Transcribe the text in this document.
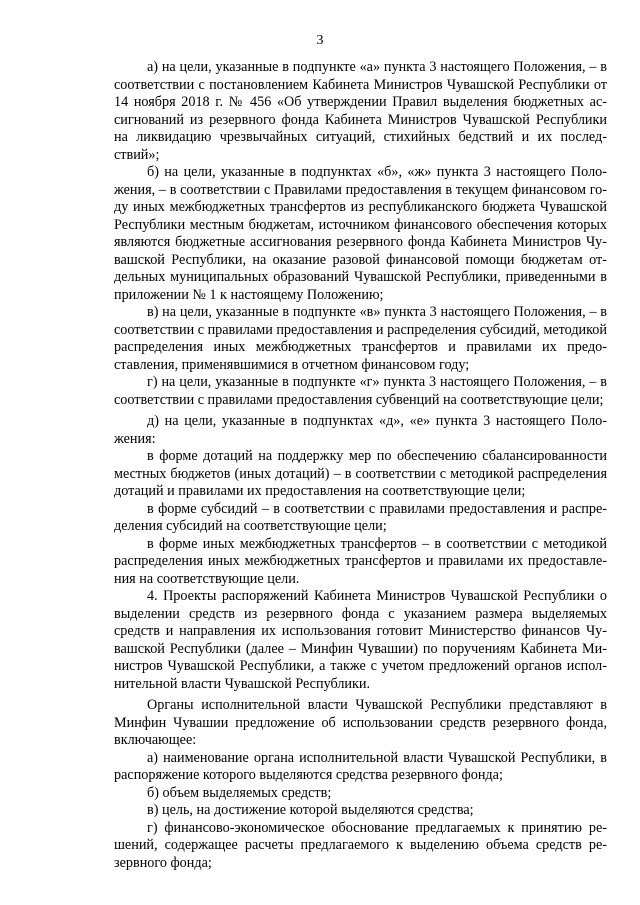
3

а) на цели, указанные в подпункте «а» пункта 3 настоящего Положения, – в соответствии с постановлением Кабинета Министров Чувашской Республики от 14 ноября 2018 г. № 456 «Об утверждении Правил выделения бюджетных ассигнований из резервного фонда Кабинета Министров Чувашской Республики на ликвидацию чрезвычайных ситуаций, стихийных бедствий и их последствий»;

б) на цели, указанные в подпунктах «б», «ж» пункта 3 настоящего Положения, – в соответствии с Правилами предоставления в текущем финансовом году иных межбюджетных трансфертов из республиканского бюджета Чувашской Республики местным бюджетам, источником финансового обеспечения которых являются бюджетные ассигнования резервного фонда Кабинета Министров Чувашской Республики, на оказание разовой финансовой помощи бюджетам отдельных муниципальных образований Чувашской Республики, приведенными в приложении № 1 к настоящему Положению;

в) на цели, указанные в подпункте «в» пункта 3 настоящего Положения, – в соответствии с правилами предоставления и распределения субсидий, методикой распределения иных межбюджетных трансфертов и правилами их предоставления, применявшимися в отчетном финансовом году;

г) на цели, указанные в подпункте «г» пункта 3 настоящего Положения, – в соответствии с правилами предоставления субвенций на соответствующие цели;

д) на цели, указанные в подпунктах «д», «е» пункта 3 настоящего Положения:

в форме дотаций на поддержку мер по обеспечению сбалансированности местных бюджетов (иных дотаций) – в соответствии с методикой распределения дотаций и правилами их предоставления на соответствующие цели;

в форме субсидий – в соответствии с правилами предоставления и распределения субсидий на соответствующие цели;

в форме иных межбюджетных трансфертов – в соответствии с методикой распределения иных межбюджетных трансфертов и правилами их предоставления на соответствующие цели.

4. Проекты распоряжений Кабинета Министров Чувашской Республики о выделении средств из резервного фонда с указанием размера выделяемых средств и направления их использования готовит Министерство финансов Чувашской Республики (далее – Минфин Чувашии) по поручениям Кабинета Министров Чувашской Республики, а также с учетом предложений органов исполнительной власти Чувашской Республики.

Органы исполнительной власти Чувашской Республики представляют в Минфин Чувашии предложение об использовании средств резервного фонда, включающее:

а) наименование органа исполнительной власти Чувашской Республики, в распоряжение которого выделяются средства резервного фонда;

б) объем выделяемых средств;

в) цель, на достижение которой выделяются средства;

г) финансово-экономическое обоснование предлагаемых к принятию решений, содержащее расчеты предлагаемого к выделению объема средств резервного фонда;
